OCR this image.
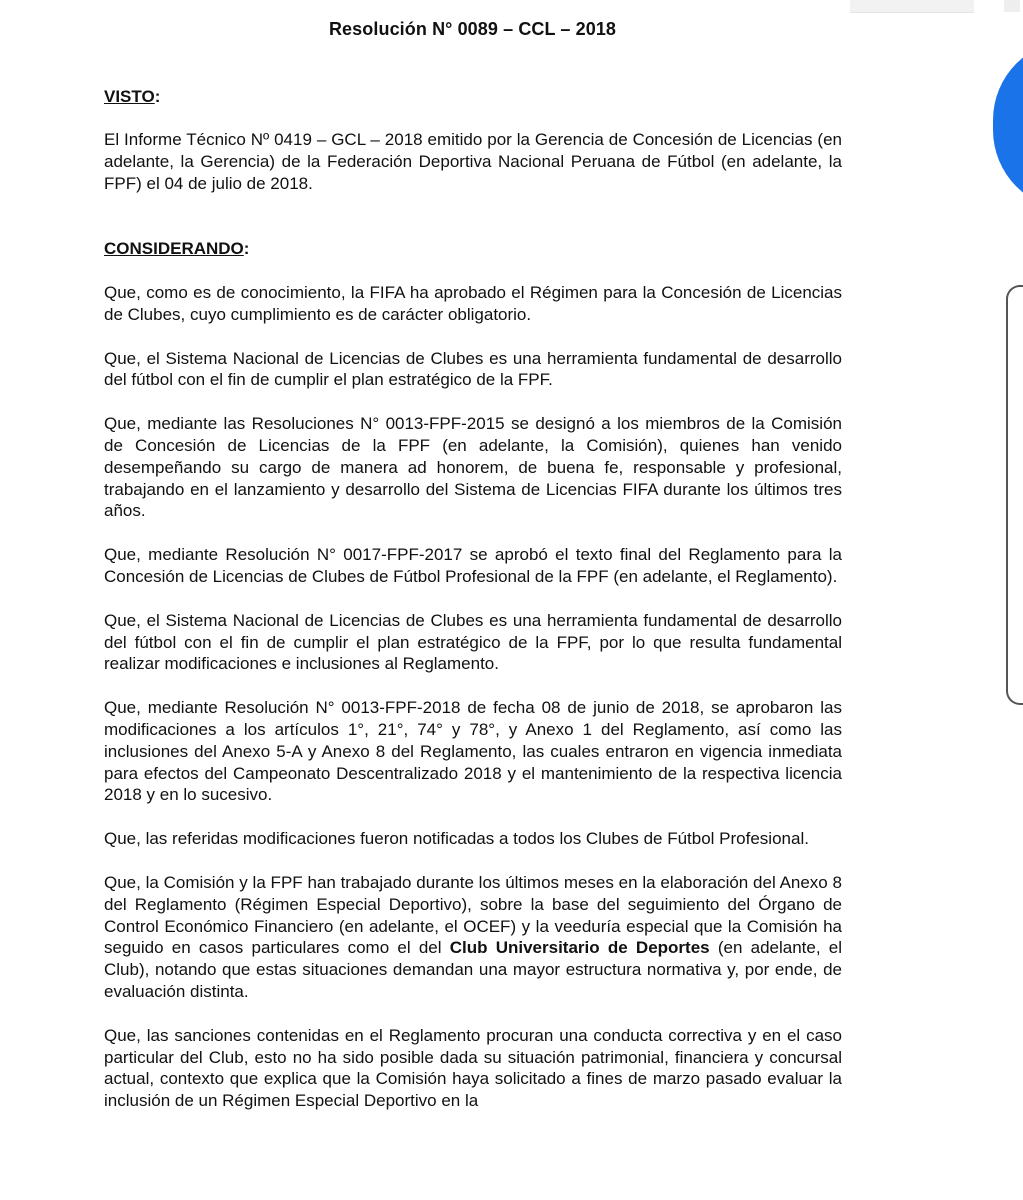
Resolución N° 0089 – CCL – 2018
VISTO:

El Informe Técnico Nº 0419 – GCL – 2018 emitido por la Gerencia de Concesión de Licencias (en adelante, la Gerencia) de la Federación Deportiva Nacional Peruana de Fútbol (en adelante, la FPF) el 04 de julio de 2018.

CONSIDERANDO:

Que, como es de conocimiento, la FIFA ha aprobado el Régimen para la Concesión de Licencias de Clubes, cuyo cumplimiento es de carácter obligatorio.

Que, el Sistema Nacional de Licencias de Clubes es una herramienta fundamental de desarrollo del fútbol con el fin de cumplir el plan estratégico de la FPF.

Que, mediante las Resoluciones N° 0013-FPF-2015 se designó a los miembros de la Comisión de Concesión de Licencias de la FPF (en adelante, la Comisión), quienes han venido desempeñando su cargo de manera ad honorem, de buena fe, responsable y profesional, trabajando en el lanzamiento y desarrollo del Sistema de Licencias FIFA durante los últimos tres años.

Que, mediante Resolución N° 0017-FPF-2017 se aprobó el texto final del Reglamento para la Concesión de Licencias de Clubes de Fútbol Profesional de la FPF (en adelante, el Reglamento).

Que, el Sistema Nacional de Licencias de Clubes es una herramienta fundamental de desarrollo del fútbol con el fin de cumplir el plan estratégico de la FPF, por lo que resulta fundamental realizar modificaciones e inclusiones al Reglamento.

Que, mediante Resolución N° 0013-FPF-2018 de fecha 08 de junio de 2018, se aprobaron las modificaciones a los artículos 1°, 21°, 74° y 78°, y Anexo 1 del Reglamento, así como las inclusiones del Anexo 5-A y Anexo 8 del Reglamento, las cuales entraron en vigencia inmediata para efectos del Campeonato Descentralizado 2018 y el mantenimiento de la respectiva licencia 2018 y en lo sucesivo.

Que, las referidas modificaciones fueron notificadas a todos los Clubes de Fútbol Profesional.

Que, la Comisión y la FPF han trabajado durante los últimos meses en la elaboración del Anexo 8 del Reglamento (Régimen Especial Deportivo), sobre la base del seguimiento del Órgano de Control Económico Financiero (en adelante, el OCEF) y la veeduría especial que la Comisión ha seguido en casos particulares como el del Club Universitario de Deportes (en adelante, el Club), notando que estas situaciones demandan una mayor estructura normativa y, por ende, de evaluación distinta.

Que, las sanciones contenidas en el Reglamento procuran una conducta correctiva y en el caso particular del Club, esto no ha sido posible dada su situación patrimonial, financiera y concursal actual, contexto que explica que la Comisión haya solicitado a fines de marzo pasado evaluar la inclusión de un Régimen Especial Deportivo en la
